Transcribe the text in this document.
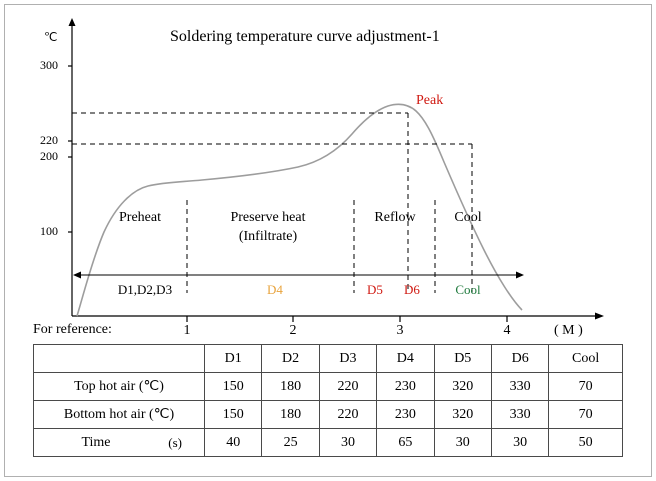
℃	Soldering temperature curve adjustment-1
300
220
200
100
1	2	3	4	( M )
Preheat	Preserve heat
(Infiltrate)
Reflow	Cool
Peak
D1,D2,D3	D4	D5	D6	Cool
For reference:
	D1	D2	D3	D4	D5	D6	Cool
Top hot air (℃)	150	180	220	230	320	330	70
Bottom hot air (℃)	150	180	220	230	320	330	70
Time (s)	40	25	30	65	30	30	50
